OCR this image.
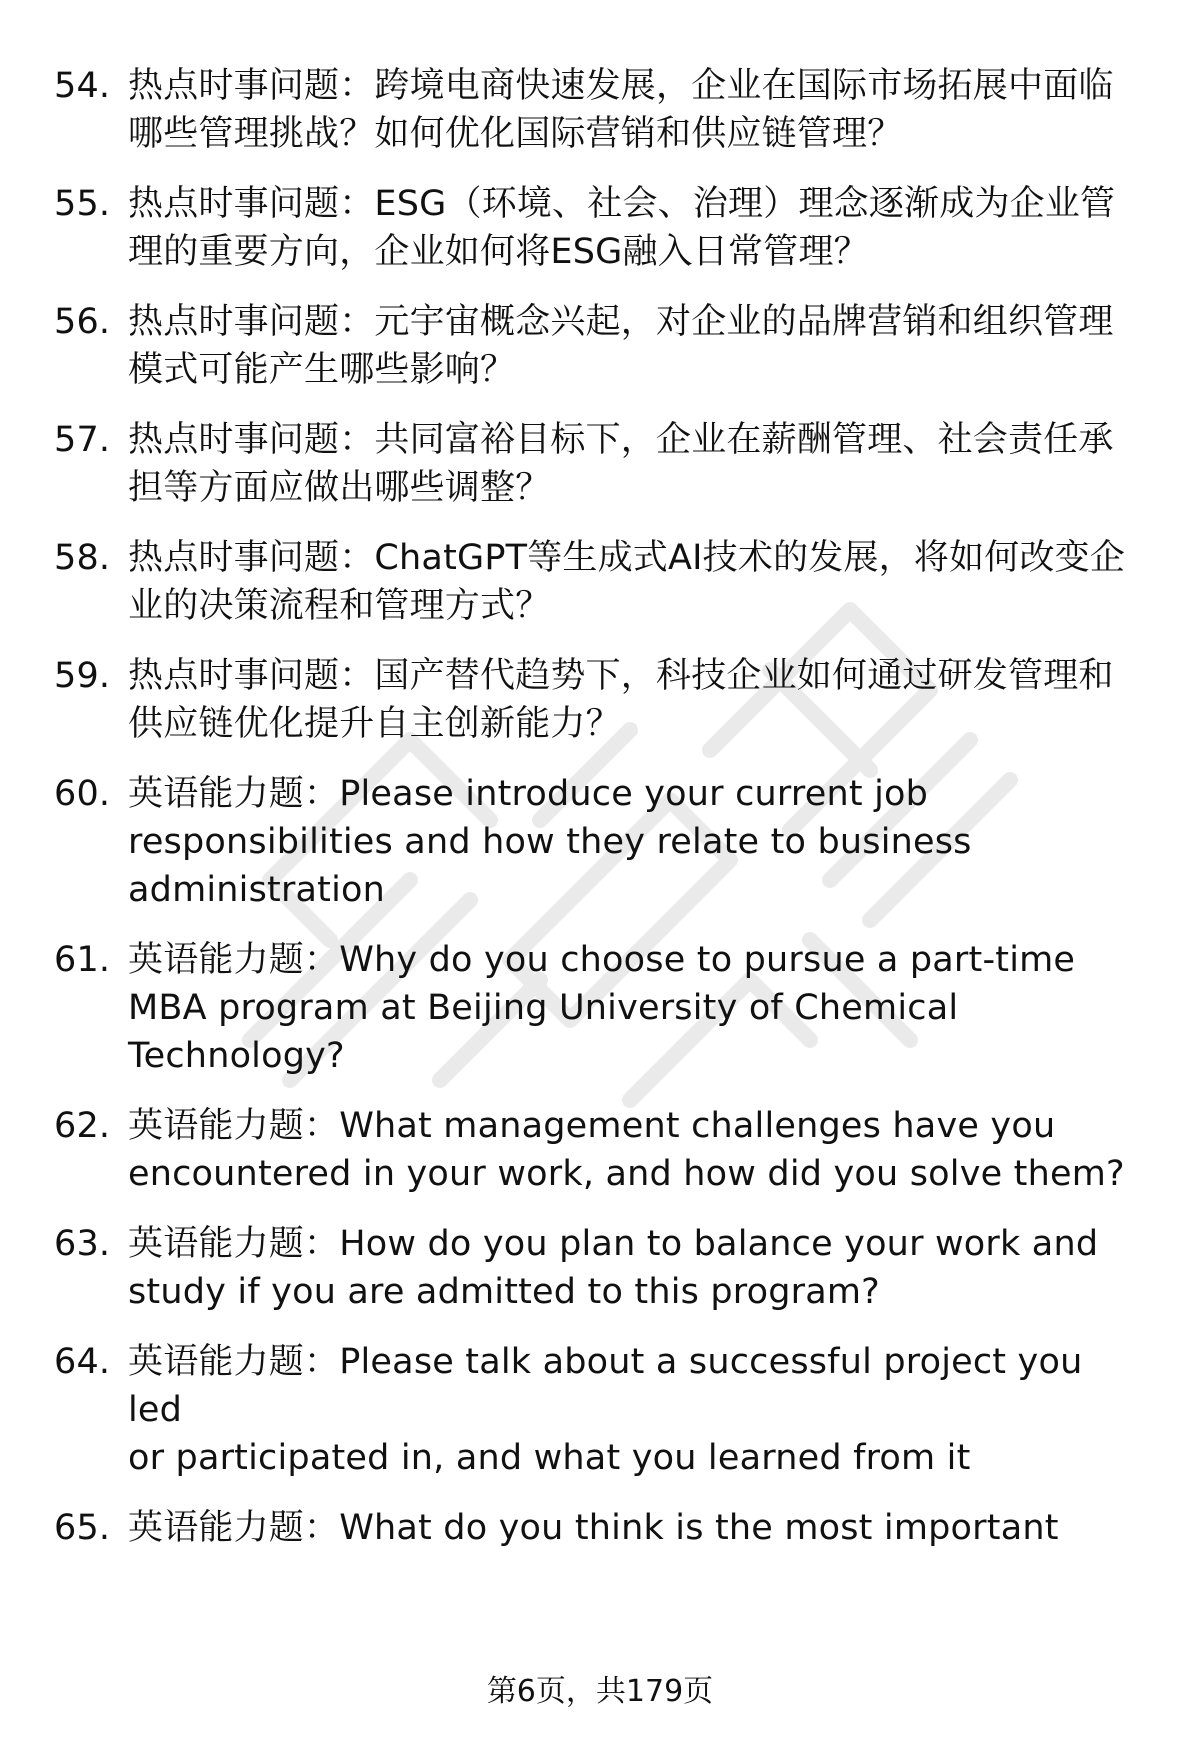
54. 热点时事问题：跨境电商快速发展，企业在国际市场拓展中面临
哪些管理挑战？如何优化国际营销和供应链管理？
55. 热点时事问题：ESG（环境、社会、治理）理念逐渐成为企业管
理的重要方向，企业如何将ESG融入日常管理？
56. 热点时事问题：元宇宙概念兴起，对企业的品牌营销和组织管理
模式可能产生哪些影响？
57. 热点时事问题：共同富裕目标下，企业在薪酬管理、社会责任承
担等方面应做出哪些调整？
58. 热点时事问题：ChatGPT等生成式AI技术的发展，将如何改变企
业的决策流程和管理方式？
59. 热点时事问题：国产替代趋势下，科技企业如何通过研发管理和
供应链优化提升自主创新能力？
60. 英语能力题：Please introduce your current job
responsibilities and how they relate to business
administration
61. 英语能力题：Why do you choose to pursue a part-time
MBA program at Beijing University of Chemical
Technology?
62. 英语能力题：What management challenges have you
encountered in your work, and how did you solve them?
63. 英语能力题：How do you plan to balance your work and
study if you are admitted to this program?
64. 英语能力题：Please talk about a successful project you led
or participated in, and what you learned from it
65. 英语能力题：What do you think is the most important
第6页，共179页
